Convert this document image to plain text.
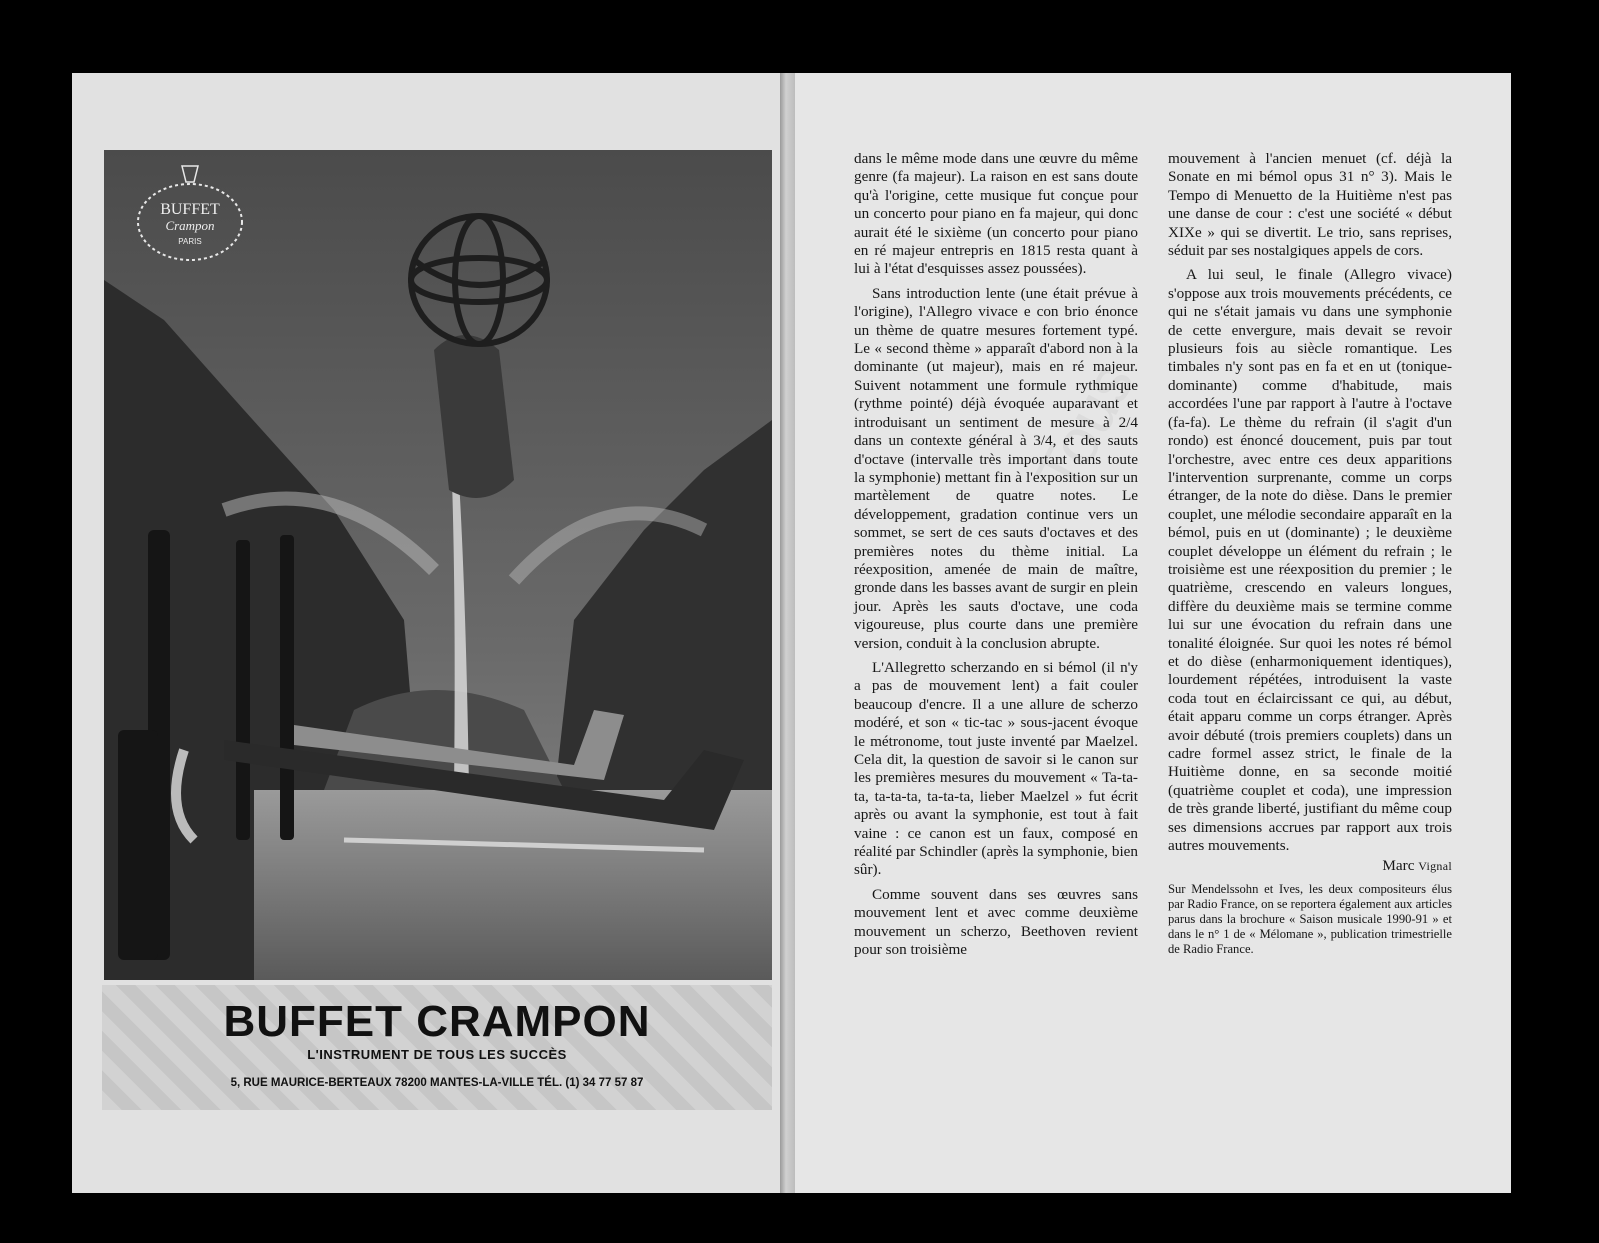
BUFFET
Crampon
PARIS
BUFFET CRAMPON
L'INSTRUMENT DE TOUS LES SUCCÈS
5, RUE MAURICE-BERTEAUX 78200 MANTES-LA-VILLE TÉL. (1) 34 77 57 87

dans le même mode dans une œuvre du même genre (fa majeur). La raison en est sans doute qu'à l'origine, cette musique fut conçue pour un concerto pour piano en fa majeur, qui donc aurait été le sixième (un concerto pour piano en ré majeur entrepris en 1815 resta quant à lui à l'état d'esquisses assez poussées).

Sans introduction lente (une était prévue à l'origine), l'Allegro vivace e con brio énonce un thème de quatre mesures fortement typé. Le « second thème » apparaît d'abord non à la dominante (ut majeur), mais en ré majeur. Suivent notamment une formule rythmique (rythme pointé) déjà évoquée auparavant et introduisant un sentiment de mesure à 2/4 dans un contexte général à 3/4, et des sauts d'octave (intervalle très important dans toute la symphonie) mettant fin à l'exposition sur un martèlement de quatre notes. Le développement, gradation continue vers un sommet, se sert de ces sauts d'octaves et des premières notes du thème initial. La réexposition, amenée de main de maître, gronde dans les basses avant de surgir en plein jour. Après les sauts d'octave, une coda vigoureuse, plus courte dans une première version, conduit à la conclusion abrupte.

L'Allegretto scherzando en si bémol (il n'y a pas de mouvement lent) a fait couler beaucoup d'encre. Il a une allure de scherzo modéré, et son « tic-tac » sous-jacent évoque le métronome, tout juste inventé par Maelzel. Cela dit, la question de savoir si le canon sur les premières mesures du mouvement « Ta-ta-ta, ta-ta-ta, ta-ta-ta, lieber Maelzel » fut écrit après ou avant la symphonie, est tout à fait vaine : ce canon est un faux, composé en réalité par Schindler (après la symphonie, bien sûr).

Comme souvent dans ses œuvres sans mouvement lent et avec comme deuxième mouvement un scherzo, Beethoven revient pour son troisième

mouvement à l'ancien menuet (cf. déjà la Sonate en mi bémol opus 31 n° 3). Mais le Tempo di Menuetto de la Huitième n'est pas une danse de cour : c'est une société « début XIXe » qui se divertit. Le trio, sans reprises, séduit par ses nostalgiques appels de cors.

A lui seul, le finale (Allegro vivace) s'oppose aux trois mouvements précédents, ce qui ne s'était jamais vu dans une symphonie de cette envergure, mais devait se revoir plusieurs fois au siècle romantique. Les timbales n'y sont pas en fa et en ut (tonique-dominante) comme d'habitude, mais accordées l'une par rapport à l'autre à l'octave (fa-fa). Le thème du refrain (il s'agit d'un rondo) est énoncé doucement, puis par tout l'orchestre, avec entre ces deux apparitions l'intervention surprenante, comme un corps étranger, de la note do dièse. Dans le premier couplet, une mélodie secondaire apparaît en la bémol, puis en ut (dominante) ; le deuxième couplet développe un élément du refrain ; le troisième est une réexposition du premier ; le quatrième, crescendo en valeurs longues, diffère du deuxième mais se termine comme lui sur une évocation du refrain dans une tonalité éloignée. Sur quoi les notes ré bémol et do dièse (enharmoniquement identiques), lourdement répétées, introduisent la vaste coda tout en éclaircissant ce qui, au début, était apparu comme un corps étranger. Après avoir débuté (trois premiers couplets) dans un cadre formel assez strict, le finale de la Huitième donne, en sa seconde moitié (quatrième couplet et coda), une impression de très grande liberté, justifiant du même coup ses dimensions accrues par rapport aux trois autres mouvements.

Marc Vignal

Sur Mendelssohn et Ives, les deux compositeurs élus par Radio France, on se reportera également aux articles parus dans la brochure « Saison musicale 1990-91 » et dans le n° 1 de « Mélomane », publication trimestrielle de Radio France.
